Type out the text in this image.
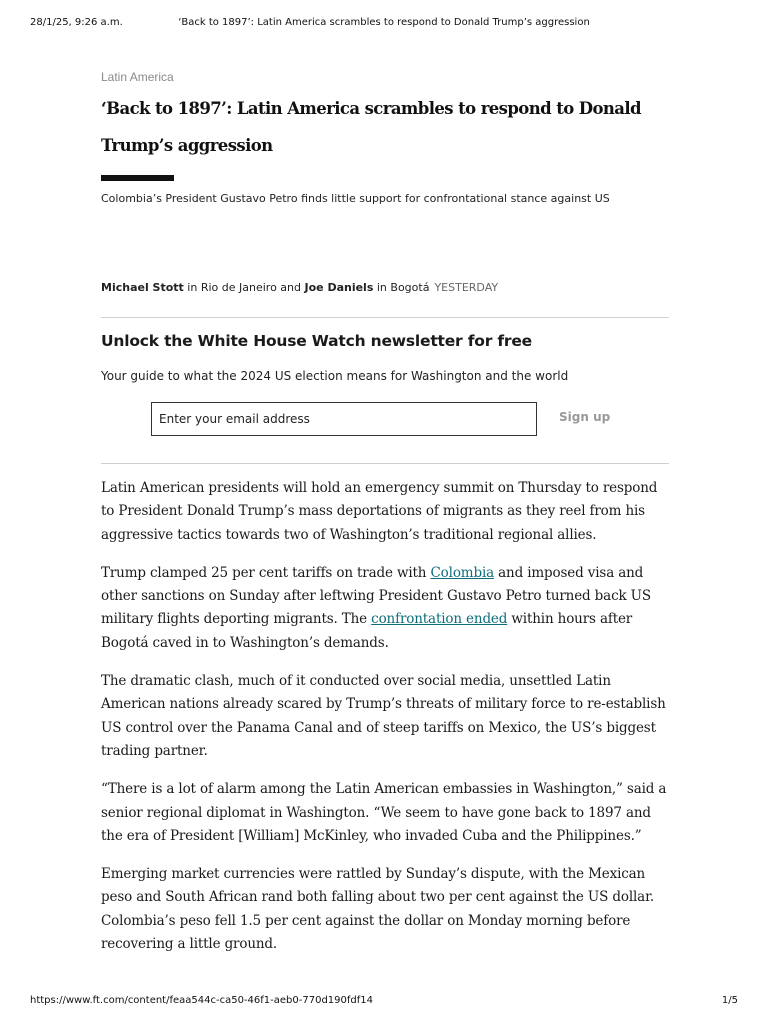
28/1/25, 9:26 a.m.	‘Back to 1897’: Latin America scrambles to respond to Donald Trump’s aggression
Latin America
‘Back to 1897’: Latin America scrambles to respond to Donald
Trump’s aggression

Colombia’s President Gustavo Petro finds little support for confrontational stance against US

Michael Stott in Rio de Janeiro and Joe Daniels in Bogotá YESTERDAY

Unlock the White House Watch newsletter for free

Your guide to what the 2024 US election means for Washington and the world

Enter your email address	Sign up

Latin American presidents will hold an emergency summit on Thursday to respond to President Donald Trump’s mass deportations of migrants as they reel from his aggressive tactics towards two of Washington’s traditional regional allies.

Trump clamped 25 per cent tariffs on trade with Colombia and imposed visa and other sanctions on Sunday after leftwing President Gustavo Petro turned back US military flights deporting migrants. The confrontation ended within hours after Bogotá caved in to Washington’s demands.

The dramatic clash, much of it conducted over social media, unsettled Latin American nations already scared by Trump’s threats of military force to re-establish US control over the Panama Canal and of steep tariffs on Mexico, the US’s biggest trading partner.

“There is a lot of alarm among the Latin American embassies in Washington,” said a senior regional diplomat in Washington. “We seem to have gone back to 1897 and the era of President [William] McKinley, who invaded Cuba and the Philippines.”

Emerging market currencies were rattled by Sunday’s dispute, with the Mexican peso and South African rand both falling about two per cent against the US dollar. Colombia’s peso fell 1.5 per cent against the dollar on Monday morning before recovering a little ground.

https://www.ft.com/content/feaa544c-ca50-46f1-aeb0-770d190fdf14	1/5
